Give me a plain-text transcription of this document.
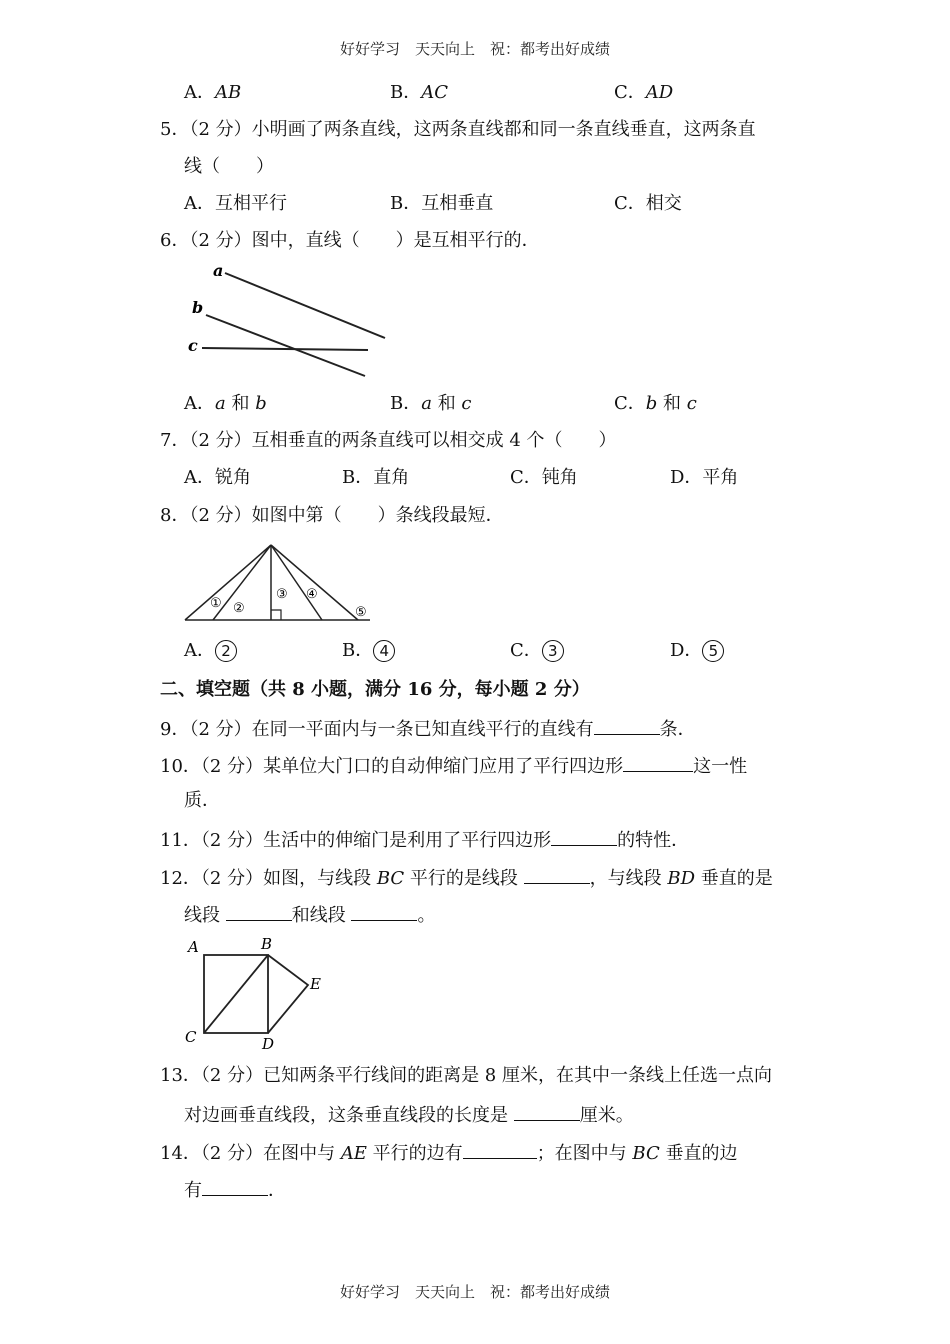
好好学习　天天向上　祝：都考出好成绩
A．AB	B．AC	C．AD
5．（2 分）小明画了两条直线，这两条直线都和同一条直线垂直，这两条直
线（　　）
A．互相平行	B．互相垂直	C．相交
6．（2 分）图中，直线（　　）是互相平行的．
a
b
c
A．a 和 b	B．a 和 c	C．b 和 c
7．（2 分）互相垂直的两条直线可以相交成 4 个（　　）
A．锐角	B．直角	C．钝角	D．平角
8．（2 分）如图中第（　　）条线段最短．
① ②
③ ④
⑤
A． 2	B． 4	C． 3	D． 5
二、填空题（共 8 小题，满分 16 分，每小题 2 分）
9．（2 分）在同一平面内与一条已知直线平行的直线有	条．
10．（2 分）某单位大门口的自动伸缩门应用了平行四边形	这一性
质．
11．（2 分）生活中的伸缩门是利用了平行四边形	的特性．
12．（2 分）如图，与线段 BC 平行的是线段	，与线段 BD 垂直的是
线段	和线段	。
A	B
C	D
E
13．（2 分）已知两条平行线间的距离是 8 厘米，在其中一条线上任选一点向
对边画垂直线段，这条垂直线段的长度是	厘米。
14．（2 分）在图中与 AE 平行的边有	；在图中与 BC 垂直的边
有	．
好好学习　天天向上　祝：都考出好成绩
